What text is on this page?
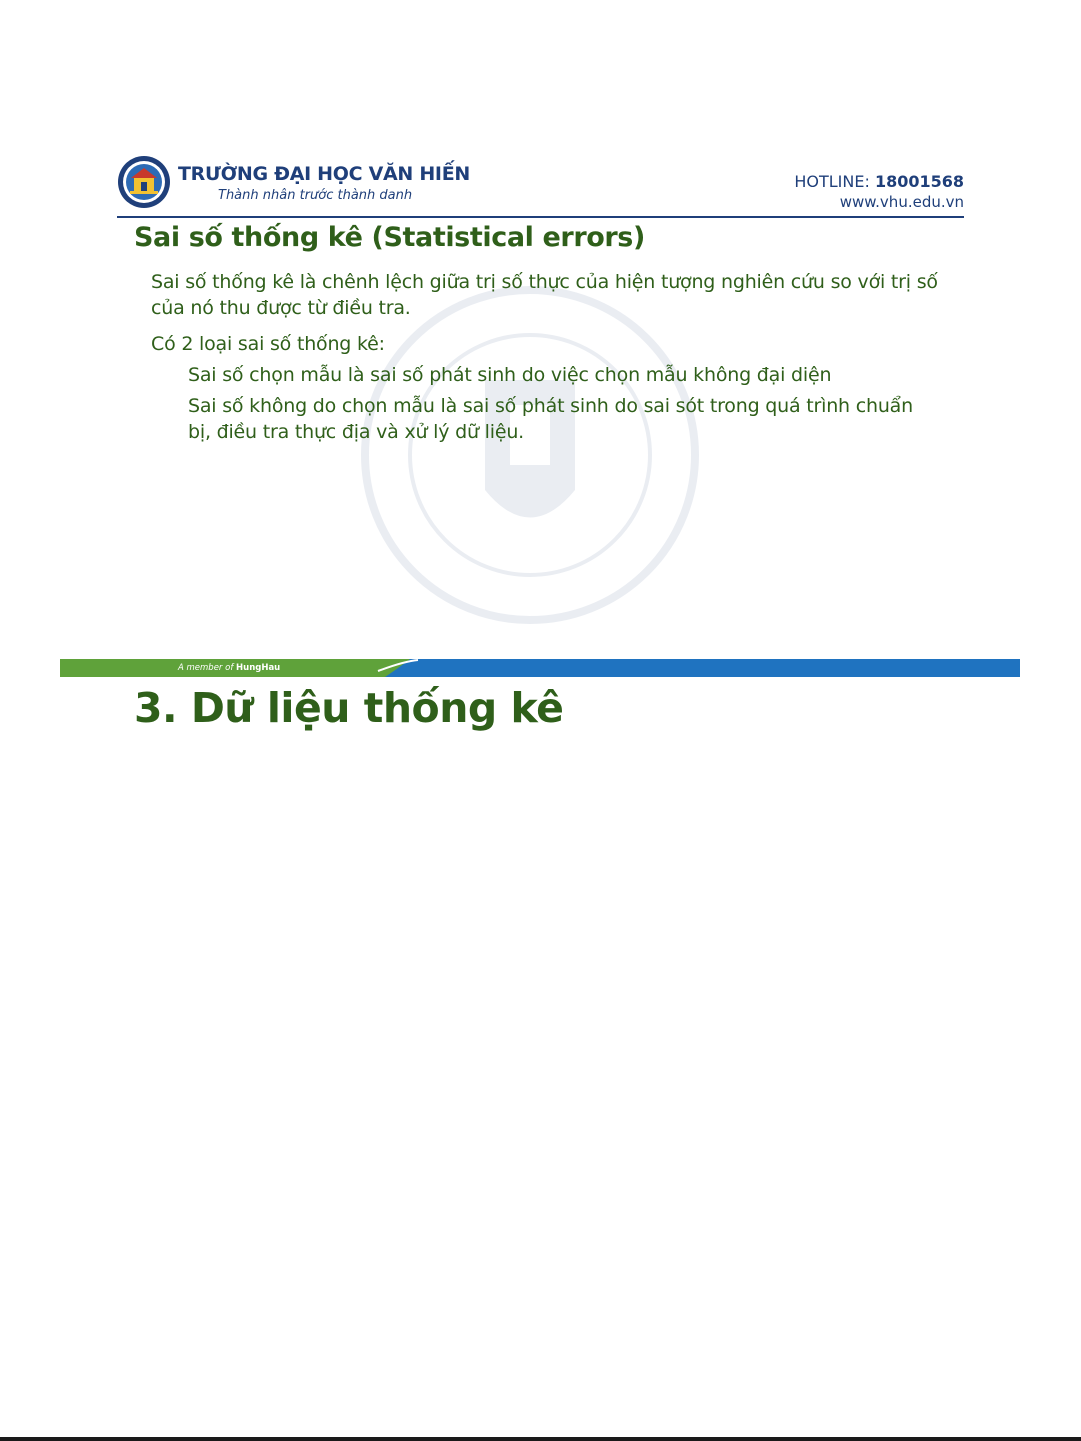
TRƯỜNG ĐẠI HỌC VĂN HIẾN
Thành nhân trước thành danh
HOTLINE: 18001568
www.vhu.edu.vn
Sai số thống kê (Statistical errors)
Sai số thống kê là chênh lệch giữa trị số thực của hiện tượng nghiên cứu so với trị số của nó thu được từ điều tra.
Có 2 loại sai số thống kê:
Sai số chọn mẫu là sai số phát sinh do việc chọn mẫu không đại diện
Sai số không do chọn mẫu là sai số phát sinh do sai sót trong quá trình chuẩn bị, điều tra thực địa và xử lý dữ liệu.
A member of HungHau
3. Dữ liệu thống kê
